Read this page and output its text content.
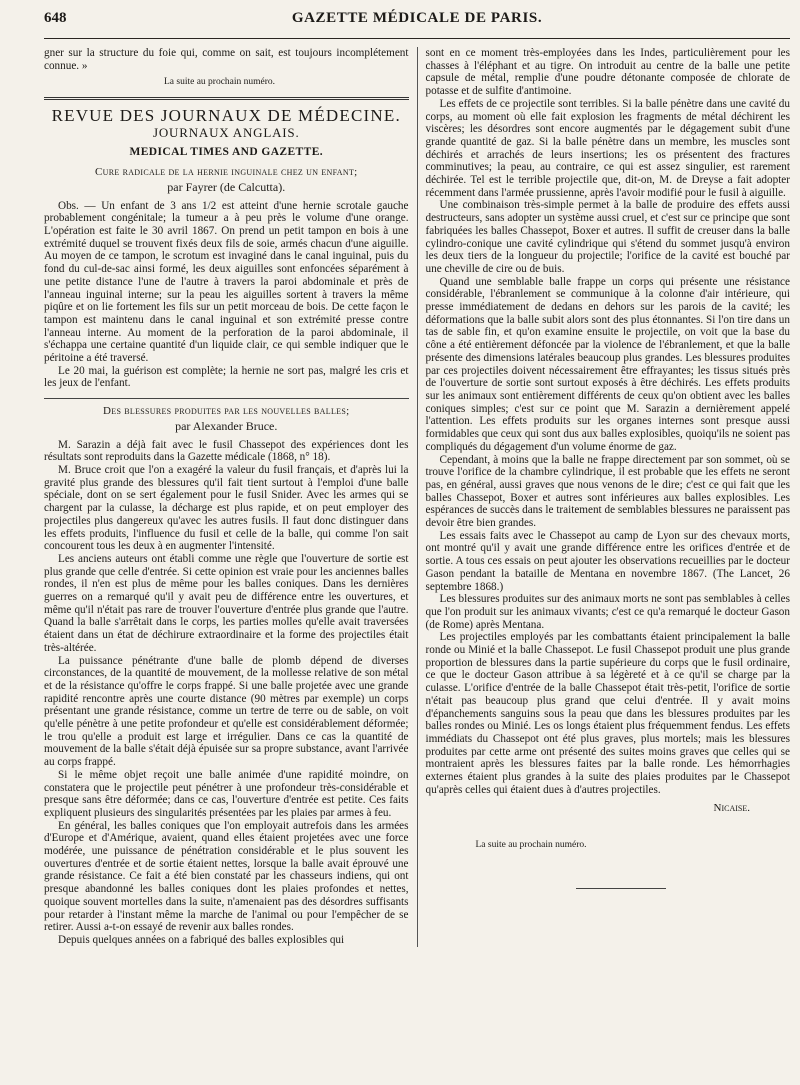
648	GAZETTE MÉDICALE DE PARIS.

gner sur la structure du foie qui, comme on sait, est toujours incomplétement connue. »

La suite au prochain numéro.
REVUE DES JOURNAUX DE MÉDECINE.
JOURNAUX ANGLAIS.
MEDICAL TIMES AND GAZETTE.
Cure radicale de la hernie inguinale chez un enfant;
par Fayrer (de Calcutta).

Obs. — Un enfant de 3 ans 1/2 est atteint d'une hernie scrotale gauche probablement congénitale; la tumeur a à peu près le volume d'une orange. L'opération est faite le 30 avril 1867. On prend un petit tampon en bois à une extrémité duquel se trouvent fixés deux fils de soie, armés chacun d'une aiguille. Au moyen de ce tampon, le scrotum est invaginé dans le canal inguinal, puis du fond du cul-de-sac ainsi formé, les deux aiguilles sont enfoncées séparément à une petite distance l'une de l'autre à travers la paroi abdominale et près de l'anneau inguinal interne; sur la peau les aiguilles sortent à travers la même piqûre et on lie fortement les fils sur un petit morceau de bois. De cette façon le tampon est maintenu dans le canal inguinal et son extrémité presse contre l'anneau interne. Au moment de la perforation de la paroi abdominale, il s'échappa une certaine quantité d'un liquide clair, ce qui semble indiquer que le péritoine a été traversé.

Le 20 mai, la guérison est complète; la hernie ne sort pas, malgré les cris et les jeux de l'enfant.

Des blessures produites par les nouvelles balles;
par Alexander Bruce.

M. Sarazin a déjà fait avec le fusil Chassepot des expériences dont les résultats sont reproduits dans la Gazette médicale (1868, n° 18).

M. Bruce croit que l'on a exagéré la valeur du fusil français, et d'après lui la gravité plus grande des blessures qu'il fait tient surtout à l'emploi d'une balle spéciale, dont on se sert également pour le fusil Snider. Avec les armes qui se chargent par la culasse, la décharge est plus rapide, et on peut employer des projectiles plus dangereux qu'avec les autres fusils. Il faut donc distinguer dans les effets produits, l'influence du fusil et celle de la balle, qui comme l'on sait concourent tous les deux à en augmenter l'intensité.

Les anciens auteurs ont établi comme une règle que l'ouverture de sortie est plus grande que celle d'entrée. Si cette opinion est vraie pour les anciennes balles rondes, il n'en est plus de même pour les balles coniques. Dans les dernières guerres on a remarqué qu'il y avait peu de différence entre les ouvertures, et même qu'il n'était pas rare de trouver l'ouverture d'entrée plus grande que l'autre. Quand la balle s'arrêtait dans le corps, les parties molles qu'elle avait traversées étaient dans un état de déchirure extraordinaire et la forme des projectiles était très-altérée.

La puissance pénétrante d'une balle de plomb dépend de diverses circonstances, de la quantité de mouvement, de la mollesse relative de son métal et de la résistance qu'offre le corps frappé. Si une balle projetée avec une grande rapidité rencontre après une courte distance (90 mètres par exemple) un corps présentant une grande résistance, comme un tertre de terre ou de sable, on voit qu'elle pénètre à une petite profondeur et qu'elle est considérablement déformée; le trou qu'elle a produit est large et irrégulier. Dans ce cas la quantité de mouvement de la balle s'était déjà épuisée sur sa propre substance, avant l'arrivée au corps frappé.

Si le même objet reçoit une balle animée d'une rapidité moindre, on constatera que le projectile peut pénétrer à une profondeur très-considérable et presque sans être déformée; dans ce cas, l'ouverture d'entrée est petite. Ces faits expliquent plusieurs des singularités présentées par les plaies par armes à feu.

En général, les balles coniques que l'on employait autrefois dans les armées d'Europe et d'Amérique, avaient, quand elles étaient projetées avec une force modérée, une puissance de pénétration considérable et le plus souvent les ouvertures d'entrée et de sortie étaient nettes, lorsque la balle avait éprouvé une grande résistance. Ce fait a été bien constaté par les chasseurs indiens, qui ont presque abandonné les balles coniques dont les plaies profondes et nettes, quoique souvent mortelles dans la suite, n'amenaient pas des désordres suffisants pour retarder à l'instant même la marche de l'animal ou pour l'empêcher de se retirer. Aussi a-t-on essayé de revenir aux balles rondes.

Depuis quelques années on a fabriqué des balles explosibles qui

sont en ce moment très-employées dans les Indes, particulièrement pour les chasses à l'éléphant et au tigre. On introduit au centre de la balle une petite capsule de métal, remplie d'une poudre détonante composée de chlorate de potasse et de sulfite d'antimoine.

Les effets de ce projectile sont terribles. Si la balle pénètre dans une cavité du corps, au moment où elle fait explosion les fragments de métal déchirent les viscères; les désordres sont encore augmentés par le dégagement subit d'une grande quantité de gaz. Si la balle pénètre dans un membre, les muscles sont déchirés et arrachés de leurs insertions; les os présentent des fractures comminutives; la peau, au contraire, ce qui est assez singulier, est rarement déchirée. Tel est le terrible projectile que, dit-on, M. de Dreyse a fait adopter récemment dans l'armée prussienne, après l'avoir modifié pour le fusil à aiguille.

Une combinaison très-simple permet à la balle de produire des effets aussi destructeurs, sans adopter un système aussi cruel, et c'est sur ce principe que sont fabriquées les balles Chassepot, Boxer et autres. Il suffit de creuser dans la balle cylindro-conique une cavité cylindrique qui s'étend du sommet jusqu'à environ les deux tiers de la longueur du projectile; l'orifice de la cavité est bouché par une cheville de cire ou de buis.

Quand une semblable balle frappe un corps qui présente une résistance considérable, l'ébranlement se communique à la colonne d'air intérieure, qui presse immédiatement de dedans en dehors sur les parois de la cavité; les déformations que la balle subit alors sont des plus étonnantes. Si l'on tire dans un tas de sable fin, et qu'on examine ensuite le projectile, on voit que la base du cône a été entièrement défoncée par la violence de l'ébranlement, et que la balle présente des dimensions latérales beaucoup plus grandes. Les blessures produites par ces projectiles doivent nécessairement être effrayantes; les tissus situés près de l'ouverture de sortie sont surtout exposés à être déchirés. Les effets produits sur les animaux sont entièrement différents de ceux qu'on obtient avec les balles coniques simples; c'est sur ce point que M. Sarazin a dernièrement appelé l'attention. Les effets produits sur les organes internes sont presque aussi formidables que ceux qui sont dus aux balles explosibles, quoiqu'ils ne soient pas compliqués du dégagement d'un volume énorme de gaz.

Cependant, à moins que la balle ne frappe directement par son sommet, où se trouve l'orifice de la chambre cylindrique, il est probable que les effets ne seront pas, en général, aussi graves que nous venons de le dire; c'est ce qui fait que les balles Chassepot, Boxer et autres sont inférieures aux balles explosibles. Les espérances de succès dans le traitement de semblables blessures ne paraissent pas devoir être bien grandes.

Les essais faits avec le Chassepot au camp de Lyon sur des chevaux morts, ont montré qu'il y avait une grande différence entre les orifices d'entrée et de sortie. A tous ces essais on peut ajouter les observations recueillies par le docteur Gason pendant la bataille de Mentana en novembre 1867. (The Lancet, 26 septembre 1868.)

Les blessures produites sur des animaux morts ne sont pas semblables à celles que l'on produit sur les animaux vivants; c'est ce qu'a remarqué le docteur Gason (de Rome) après Mentana.

Les projectiles employés par les combattants étaient principalement la balle ronde ou Minié et la balle Chassepot. Le fusil Chassepot produit une plus grande proportion de blessures dans la partie supérieure du corps que le fusil ordinaire, ce que le docteur Gason attribue à sa légèreté et à ce qu'il se charge par la culasse. L'orifice d'entrée de la balle Chassepot était très-petit, l'orifice de sortie n'était pas beaucoup plus grand que celui d'entrée. Il y avait moins d'épanchements sanguins sous la peau que dans les blessures produites par les balles rondes ou Minié. Les os longs étaient plus fréquemment fendus. Les effets immédiats du Chassepot ont été plus graves, plus mortels; mais les blessures produites par cette arme ont présenté des suites moins graves que celles qui se montraient après les blessures faites par la balle ronde. Les hémorrhagies externes étaient plus grandes à la suite des plaies produites par le Chassepot qu'après celles qui étaient dues à d'autres projectiles.

Nicaise.
La suite au prochain numéro.
